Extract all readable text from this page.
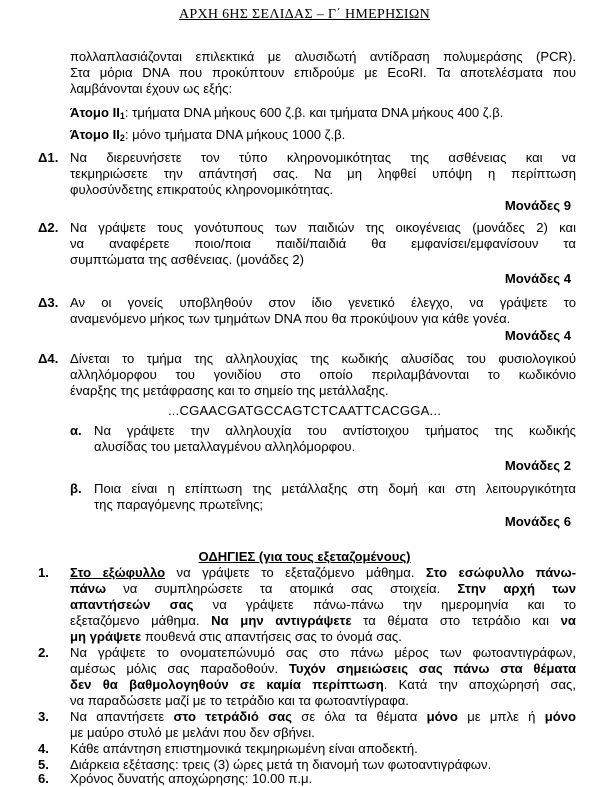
ΑΡΧΗ 6ΗΣ ΣΕΛΙΔΑΣ – Γ΄ ΗΜΕΡΗΣΙΩΝ
πολλαπλασιάζονται επιλεκτικά με αλυσιδωτή αντίδραση πολυμεράσης (PCR).
Στα μόρια DNA που προκύπτουν επιδρούμε με EcoRI. Τα αποτελέσματα που
λαμβάνονται έχουν ως εξής:
Άτομο $II_1$: τμήματα DNA μήκους 600 ζ.β. και τμήματα DNA μήκους 400 ζ.β.
Άτομο $II_2$: μόνο τμήματα DNA μήκους 1000 ζ.β.
Δ1. Να διερευνήσετε τον τύπο κληρονομικότητας της ασθένειας και να
τεκμηριώσετε την απάντησή σας. Να μη ληφθεί υπόψη η περίπτωση
φυλοσύνδετης επικρατούς κληρονομικότητας.
Μονάδες 9
Δ2. Να γράψετε τους γονότυπους των παιδιών της οικογένειας (μονάδες 2) και
να αναφέρετε ποιο/ποια παιδί/παιδιά θα εμφανίσει/εμφανίσουν τα
συμπτώματα της ασθένειας. (μονάδες 2)
Μονάδες 4
Δ3. Αν οι γονείς υποβληθούν στον ίδιο γενετικό έλεγχο, να γράψετε το
αναμενόμενο μήκος των τμημάτων DNA που θα προκύψουν για κάθε γονέα.
Μονάδες 4
Δ4. Δίνεται το τμήμα της αλληλουχίας της κωδικής αλυσίδας του φυσιολογικού
αλληλόμορφου του γονιδίου στο οποίο περιλαμβάνονται το κωδικόνιο
έναρξης της μετάφρασης και το σημείο της μετάλλαξης.
...CGAACGATGCCAGTCTCAATTCACGGA...
α. Να γράψετε την αλληλουχία του αντίστοιχου τμήματος της κωδικής
αλυσίδας του μεταλλαγμένου αλληλόμορφου.
Μονάδες 2
β. Ποια είναι η επίπτωση της μετάλλαξης στη δομή και στη λειτουργικότητα
της παραγόμενης πρωτεΐνης;
Μονάδες 6
ΟΔΗΓΙΕΣ (για τους εξεταζομένους)
1. Στο εξώφυλλο να γράψετε το εξεταζόμενο μάθημα. Στο εσώφυλλο πάνω-
πάνω να συμπληρώσετε τα ατομικά σας στοιχεία. Στην αρχή των
απαντήσεών σας να γράψετε πάνω-πάνω την ημερομηνία και το
εξεταζόμενο μάθημα. Να μην αντιγράψετε τα θέματα στο τετράδιο και να
μη γράψετε πουθενά στις απαντήσεις σας το όνομά σας.
2. Να γράψετε το ονοματεπώνυμό σας στο πάνω μέρος των φωτοαντιγράφων,
αμέσως μόλις σας παραδοθούν. Τυχόν σημειώσεις σας πάνω στα θέματα
δεν θα βαθμολογηθούν σε καμία περίπτωση. Κατά την αποχώρησή σας,
να παραδώσετε μαζί με το τετράδιο και τα φωτοαντίγραφα.
3. Να απαντήσετε στο τετράδιό σας σε όλα τα θέματα μόνο με μπλε ή μόνο
με μαύρο στυλό με μελάνι που δεν σβήνει.
4. Κάθε απάντηση επιστημονικά τεκμηριωμένη είναι αποδεκτή.
5. Διάρκεια εξέτασης: τρεις (3) ώρες μετά τη διανομή των φωτοαντιγράφων.
6. Χρόνος δυνατής αποχώρησης: 10.00 π.μ.
